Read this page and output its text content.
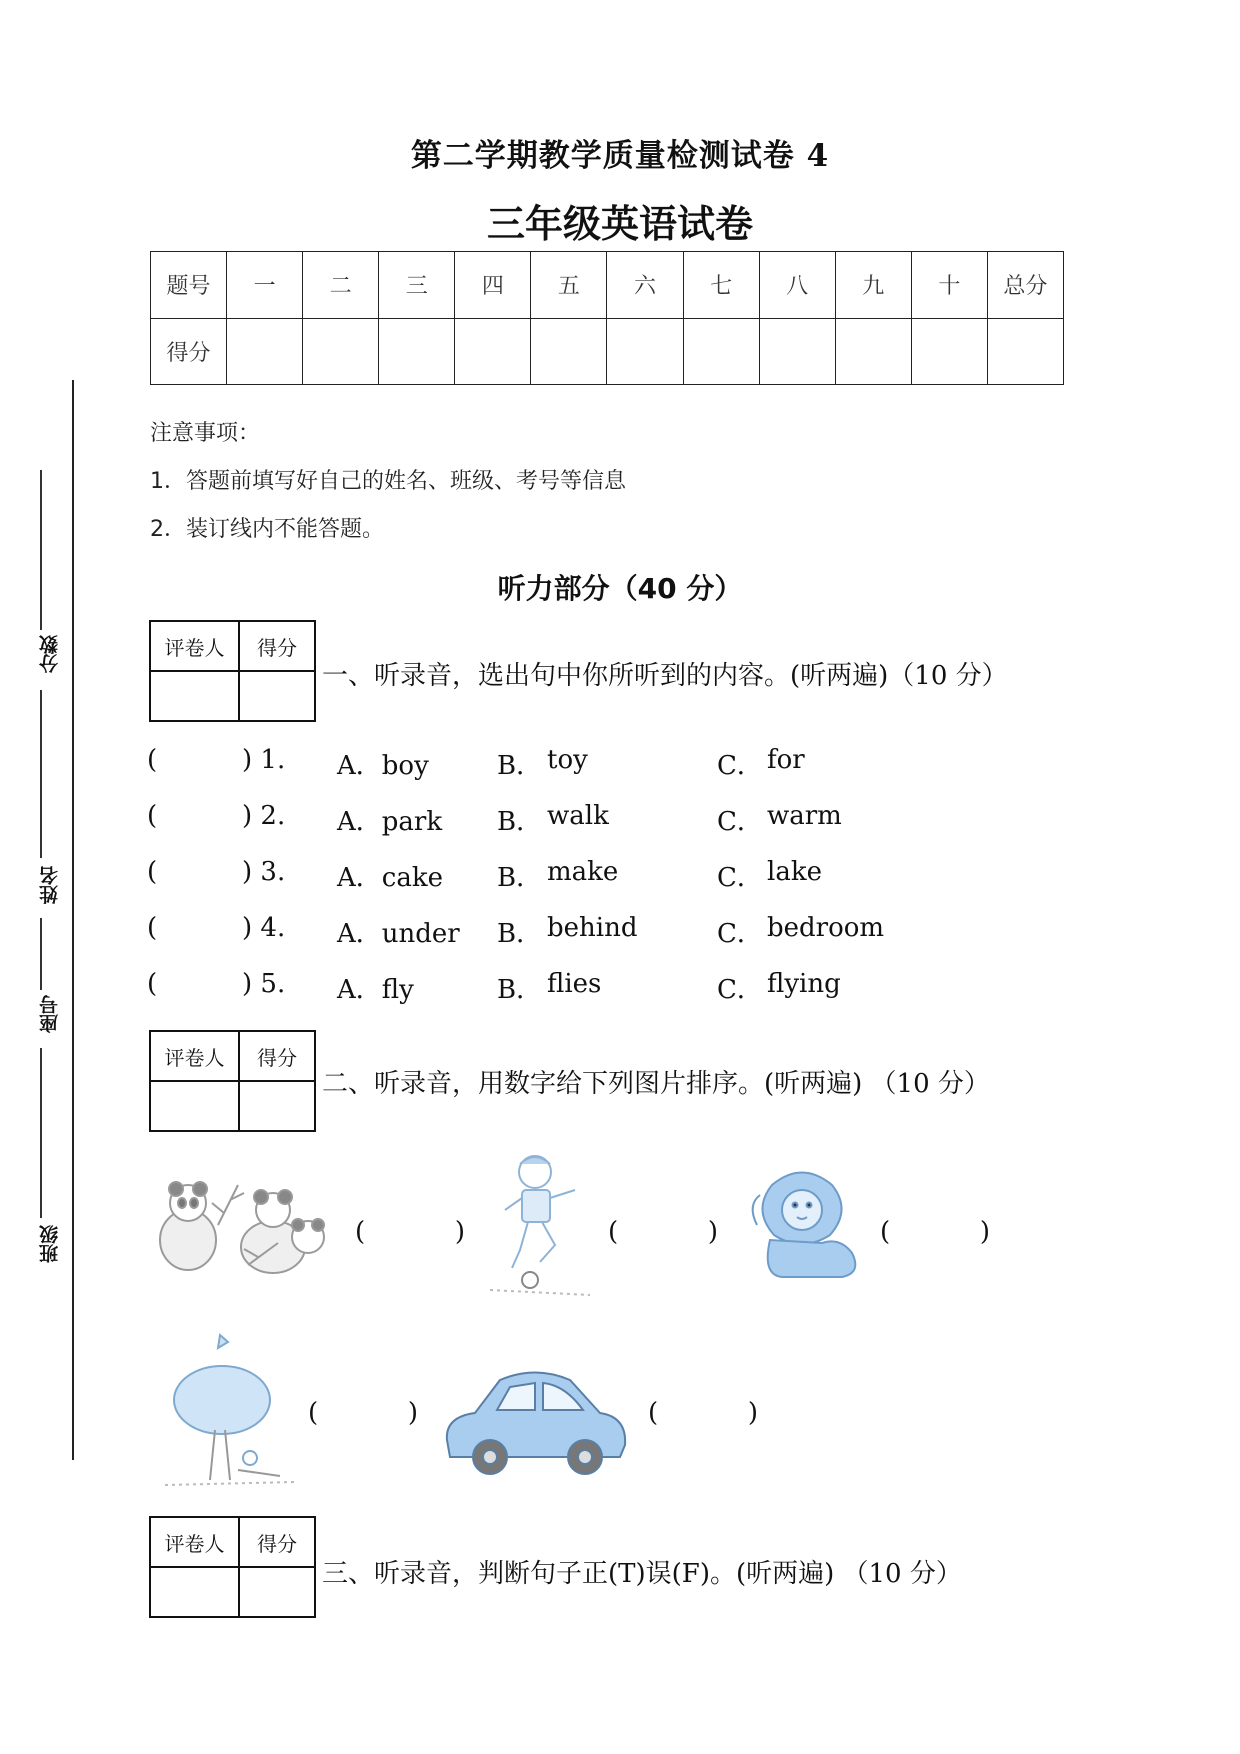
分数
姓名
座号
班级
第二学期教学质量检测试卷 4
三年级英语试卷
题号	一	二	三	四	五	六	七	八	九	十	总分
得分											
注意事项：
1．答题前填写好自己的姓名、班级、考号等信息
2．装订线内不能答题。
听力部分（40 分）
评卷人	得分

一、听录音，选出句中你所听到的内容。(听两遍)（10 分）
(	) 1. A．boy	B． toy	C． for
(	) 2. A．park B． walk	C． warm
(	) 3. A．cake B． make	C． lake
(	) 4. A．under B． behind	C． bedroom
(	) 5. A．fly	B． flies	C． flying
评卷人	得分

二、听录音，用数字给下列图片排序。(听两遍) （10 分）
(	)	(	)	(	)
(	)	(	)
评卷人	得分

三、听录音，判断句子正(T)误(F)。(听两遍) （10 分）
